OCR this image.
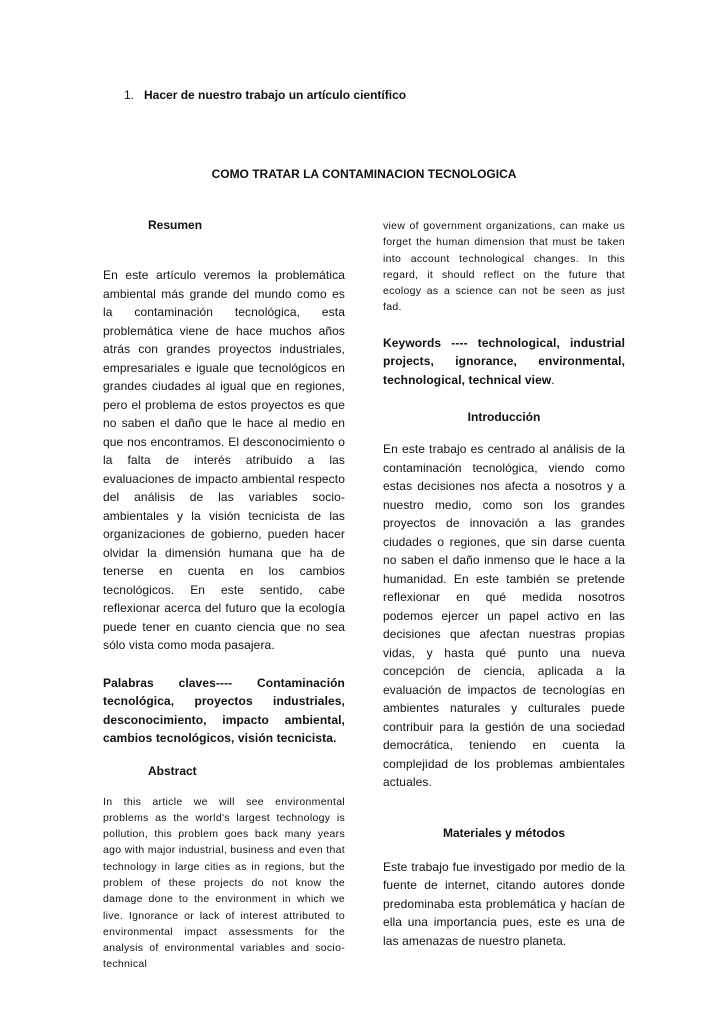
1. Hacer de nuestro trabajo un artículo científico
COMO TRATAR LA CONTAMINACION TECNOLOGICA

Resumen

En este artículo veremos la problemática ambiental más grande del mundo como es la contaminación tecnológica, esta problemática viene de hace muchos años atrás con grandes proyectos industriales, empresariales e iguale que tecnológicos en grandes ciudades al igual que en regiones, pero el problema de estos proyectos es que no saben el daño que le hace al medio en que nos encontramos. El desconocimiento o la falta de interés atribuido a las evaluaciones de impacto ambiental respecto del análisis de las variables socio-ambientales y la visión tecnicista de las organizaciones de gobierno, pueden hacer olvidar la dimensión humana que ha de tenerse en cuenta en los cambios tecnológicos. En este sentido, cabe reflexionar acerca del futuro que la ecología puede tener en cuanto ciencia que no sea sólo vista como moda pasajera.

Palabras claves---- Contaminación tecnológica, proyectos industriales, desconocimiento, impacto ambiental, cambios tecnológicos, visión tecnicista.

Abstract

In this article we will see environmental problems as the world's largest technology is pollution, this problem goes back many years ago with major industrial, business and even that technology in large cities as in regions, but the problem of these projects do not know the damage done to the environment in which we live. Ignorance or lack of interest attributed to environmental impact assessments for the analysis of environmental variables and socio-technical

view of government organizations, can make us forget the human dimension that must be taken into account technological changes. In this regard, it should reflect on the future that ecology as a science can not be seen as just fad.

Keywords ---- technological, industrial projects, ignorance, environmental, technological, technical view.

Introducción

En este trabajo es centrado al análisis de la contaminación tecnológica, viendo como estas decisiones nos afecta a nosotros y a nuestro medio, como son los grandes proyectos de innovación a las grandes ciudades o regiones, que sin darse cuenta no saben el daño inmenso que le hace a la humanidad. En este también se pretende reflexionar en qué medida nosotros podemos ejercer un papel activo en las decisiones que afectan nuestras propias vidas, y hasta qué punto una nueva concepción de ciencia, aplicada a la evaluación de impactos de tecnologías en ambientes naturales y culturales puede contribuir para la gestión de una sociedad democrática, teniendo en cuenta la complejidad de los problemas ambientales actuales.

Materiales y métodos

Este trabajo fue investigado por medio de la fuente de internet, citando autores donde predominaba esta problemática y hacían de ella una importancia pues, este es una de las amenazas de nuestro planeta.
